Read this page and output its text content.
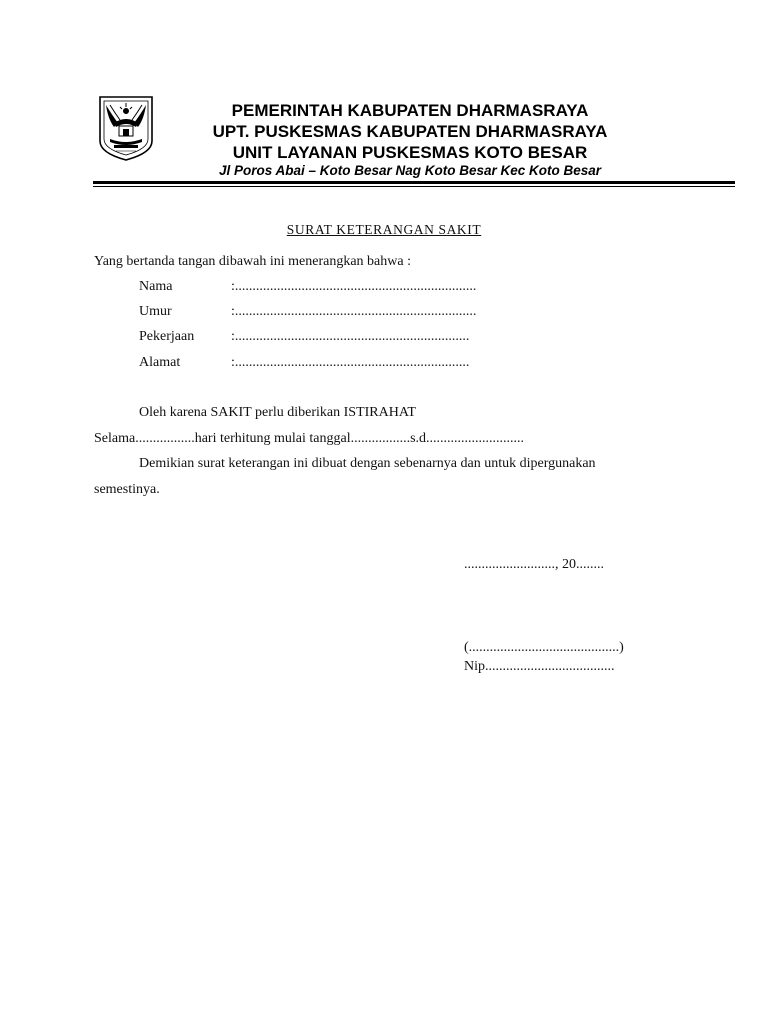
PEMERINTAH KABUPATEN DHARMASRAYA
UPT. PUSKESMAS KABUPATEN DHARMASRAYA
UNIT LAYANAN PUSKESMAS KOTO BESAR
Jl Poros Abai – Koto Besar Nag Koto Besar Kec Koto Besar
SURAT KETERANGAN SAKIT
Yang bertanda tangan dibawah ini menerangkan bahwa :
Nama	:.....................................................................
Umur	:.....................................................................
Pekerjaan	:...................................................................
Alamat	:...................................................................
Oleh karena SAKIT perlu diberikan ISTIRAHAT
Selama.................hari terhitung mulai tanggal.................s.d............................
Demikian surat keterangan ini dibuat dengan sebenarnya dan untuk dipergunakan
semestinya.
.........................., 20........
(...........................................)
Nip.....................................
